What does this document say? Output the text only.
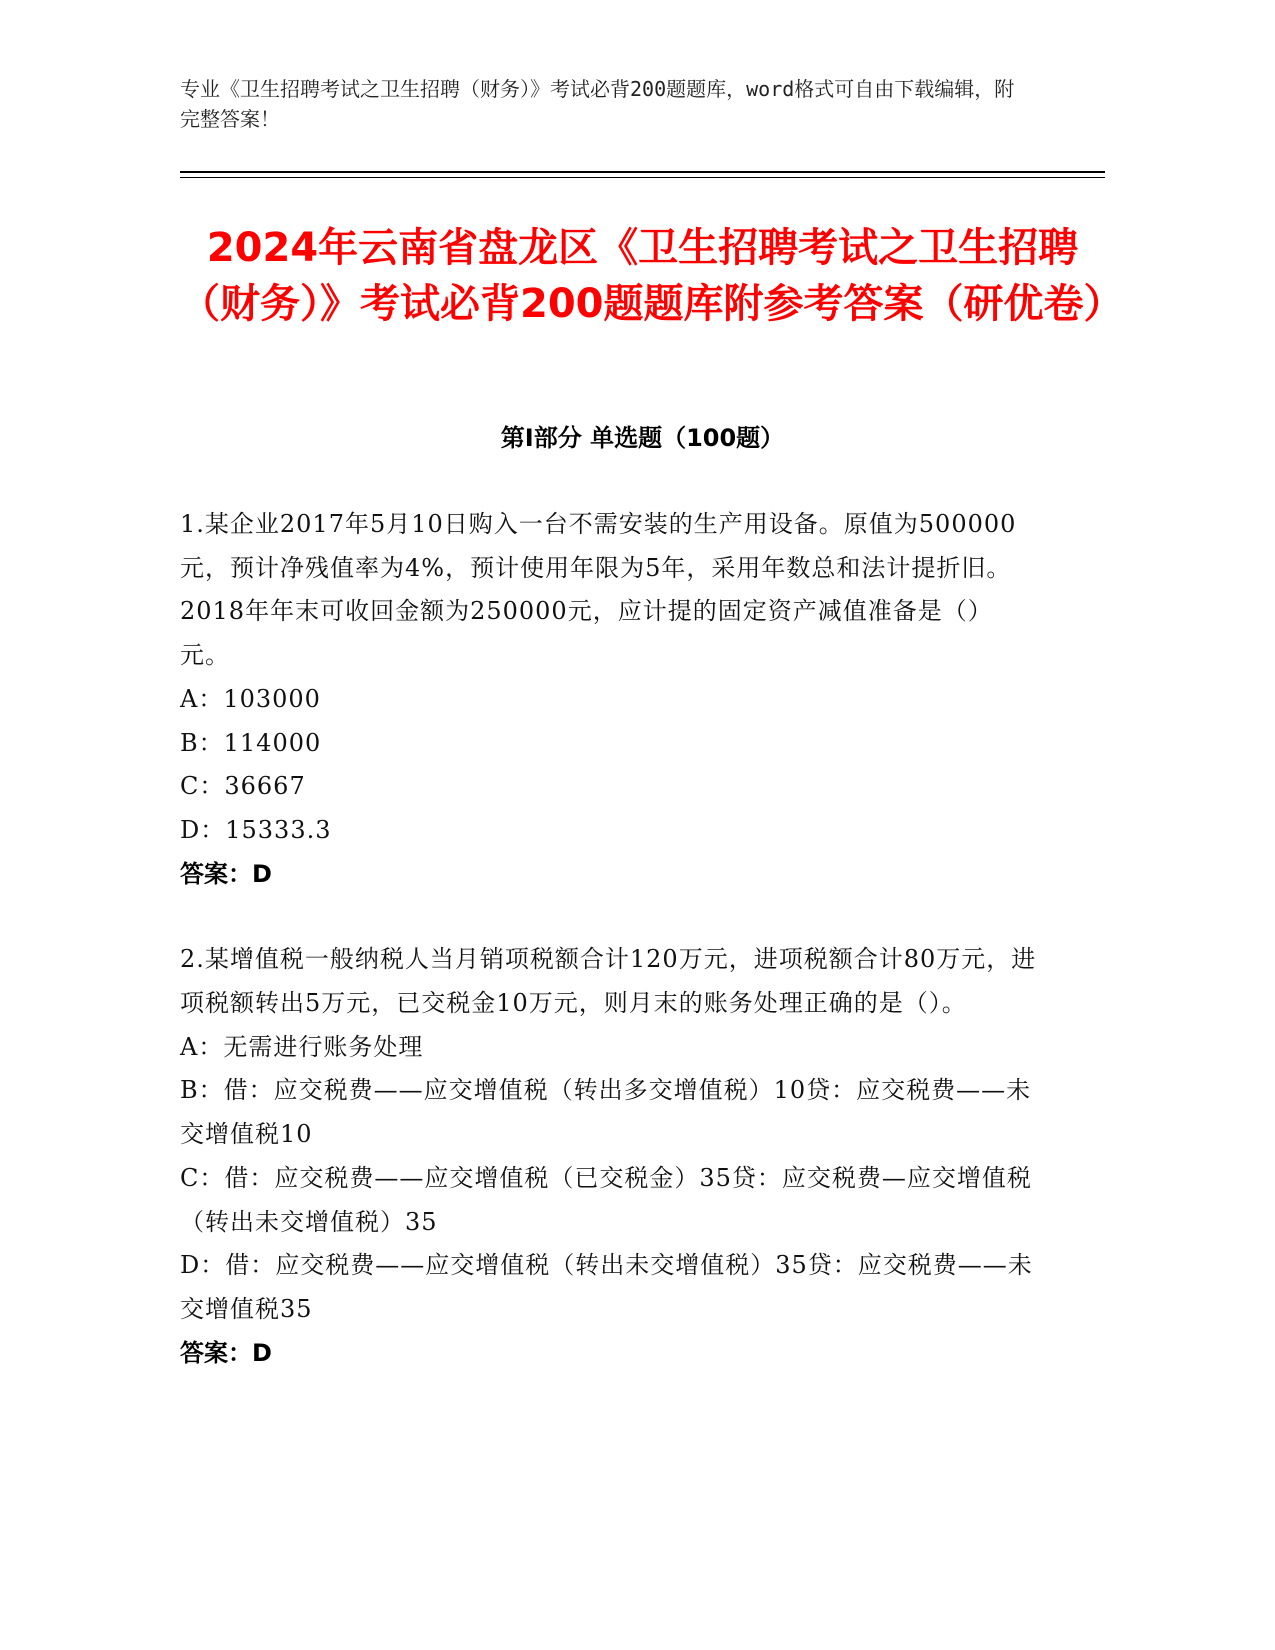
专业《卫生招聘考试之卫生招聘（财务）》考试必背200题题库，word格式可自由下载编辑，附完整答案！
2024年云南省盘龙区《卫生招聘考试之卫生招聘（财务）》考试必背200题题库附参考答案（研优卷）
第Ⅰ部分 单选题（100题）

1.某企业2017年5月10日购入一台不需安装的生产用设备。原值为500000元，预计净残值率为4%，预计使用年限为5年，采用年数总和法计提折旧。2018年年末可收回金额为250000元，应计提的固定资产减值准备是（）元。

A：103000

B：114000

C：36667

D：15333.3

答案：D

2.某增值税一般纳税人当月销项税额合计120万元，进项税额合计80万元，进项税额转出5万元，已交税金10万元，则月末的账务处理正确的是（）。

A：无需进行账务处理

B：借：应交税费——应交增值税（转出多交增值税）10贷：应交税费——未交增值税10

C：借：应交税费——应交增值税（已交税金）35贷：应交税费—应交增值税（转出未交增值税）35

D：借：应交税费——应交增值税（转出未交增值税）35贷：应交税费——未交增值税35

答案：D
